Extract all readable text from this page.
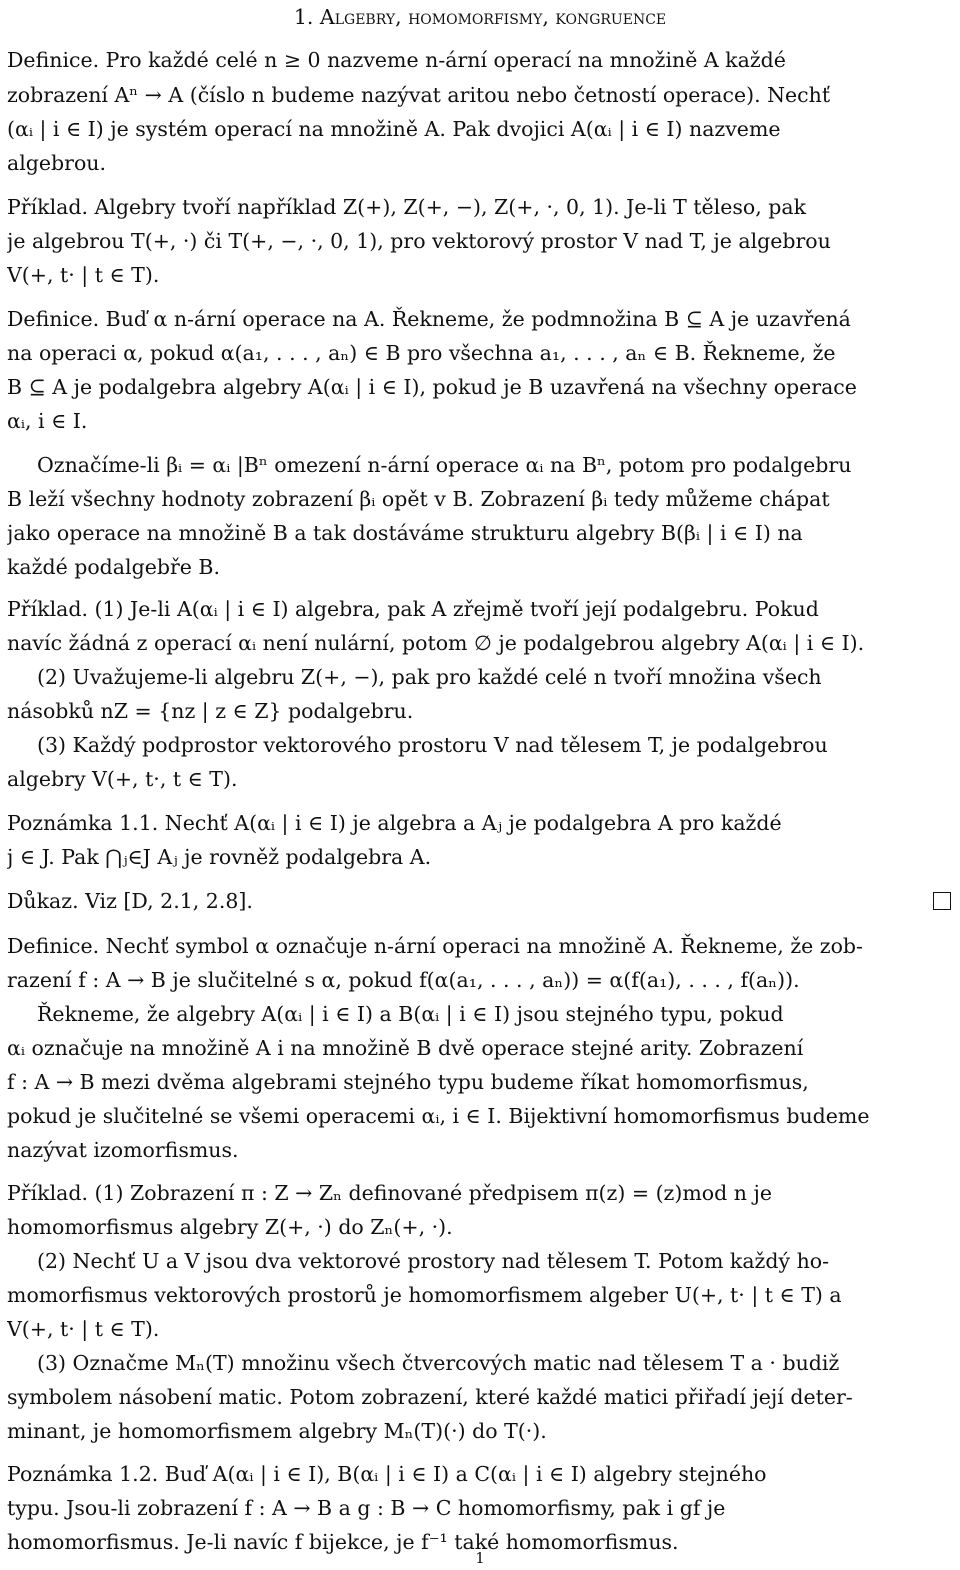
1. Algebry, homomorfismy, kongruence
Definice. Pro každé celé n ≥ 0 nazveme n-ární operací na množině A každé
zobrazení Aⁿ → A (číslo n budeme nazývat aritou nebo četností operace). Nechť
(αᵢ | i ∈ I) je systém operací na množině A. Pak dvojici A(αᵢ | i ∈ I) nazveme
algebrou.
Příklad. Algebry tvoří například Z(+), Z(+, −), Z(+, ·, 0, 1). Je-li T těleso, pak
je algebrou T(+, ·) či T(+, −, ·, 0, 1), pro vektorový prostor V nad T, je algebrou
V(+, t· | t ∈ T).
Definice. Buď α n-ární operace na A. Řekneme, že podmnožina B ⊆ A je uzavřená
na operaci α, pokud α(a₁, . . . , aₙ) ∈ B pro všechna a₁, . . . , aₙ ∈ B. Řekneme, že
B ⊆ A je podalgebra algebry A(αᵢ | i ∈ I), pokud je B uzavřená na všechny operace
αᵢ, i ∈ I.
Označíme-li βᵢ = αᵢ |Bⁿ omezení n-ární operace αᵢ na Bⁿ, potom pro podalgebru
B leží všechny hodnoty zobrazení βᵢ opět v B. Zobrazení βᵢ tedy můžeme chápat
jako operace na množině B a tak dostáváme strukturu algebry B(βᵢ | i ∈ I) na
každé podalgebře B.
Příklad. (1) Je-li A(αᵢ | i ∈ I) algebra, pak A zřejmě tvoří její podalgebru. Pokud
navíc žádná z operací αᵢ není nulární, potom ∅ je podalgebrou algebry A(αᵢ | i ∈ I).
(2) Uvažujeme-li algebru Z(+, −), pak pro každé celé n tvoří množina všech
násobků nZ = {nz | z ∈ Z} podalgebru.
(3) Každý podprostor vektorového prostoru V nad tělesem T, je podalgebrou
algebry V(+, t·, t ∈ T).
Poznámka 1.1. Nechť A(αᵢ | i ∈ I) je algebra a Aⱼ je podalgebra A pro každé
j ∈ J. Pak ⋂ⱼ∈J Aⱼ je rovněž podalgebra A.
Důkaz. Viz [D, 2.1, 2.8].
Definice. Nechť symbol α označuje n-ární operaci na množině A. Řekneme, že zob-
razení f : A → B je slučitelné s α, pokud f(α(a₁, . . . , aₙ)) = α(f(a₁), . . . , f(aₙ)).
Řekneme, že algebry A(αᵢ | i ∈ I) a B(αᵢ | i ∈ I) jsou stejného typu, pokud
αᵢ označuje na množině A i na množině B dvě operace stejné arity. Zobrazení
f : A → B mezi dvěma algebrami stejného typu budeme říkat homomorfismus,
pokud je slučitelné se všemi operacemi αᵢ, i ∈ I. Bijektivní homomorfismus budeme
nazývat izomorfismus.
Příklad. (1) Zobrazení π : Z → Zₙ definované předpisem π(z) = (z)mod n je
homomorfismus algebry Z(+, ·) do Zₙ(+, ·).
(2) Nechť U a V jsou dva vektorové prostory nad tělesem T. Potom každý ho-
momorfismus vektorových prostorů je homomorfismem algeber U(+, t· | t ∈ T) a
V(+, t· | t ∈ T).
(3) Označme Mₙ(T) množinu všech čtvercových matic nad tělesem T a · budiž
symbolem násobení matic. Potom zobrazení, které každé matici přiřadí její deter-
minant, je homomorfismem algebry Mₙ(T)(·) do T(·).
Poznámka 1.2. Buď A(αᵢ | i ∈ I), B(αᵢ | i ∈ I) a C(αᵢ | i ∈ I) algebry stejného
typu. Jsou-li zobrazení f : A → B a g : B → C homomorfismy, pak i gf je
homomorfismus. Je-li navíc f bijekce, je f⁻¹ také homomorfismus.
1
